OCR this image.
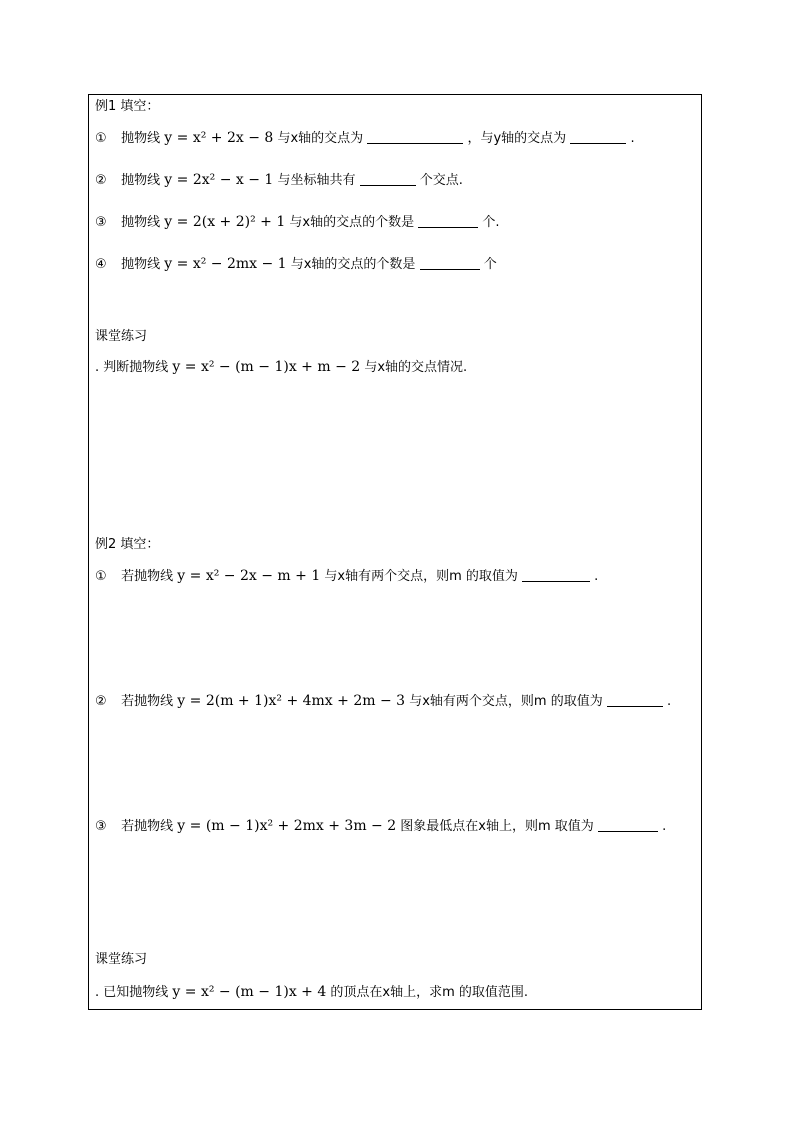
例1 填空：
① 抛物线 y = x² + 2x − 8 与x轴的交点为	，与y轴的交点为	.
② 抛物线 y = 2x² − x − 1 与坐标轴共有	个交点.
③ 抛物线 y = 2(x + 2)² + 1 与x轴的交点的个数是	个.
④ 抛物线 y = x² − 2mx − 1 与x轴的交点的个数是	个
课堂练习
. 判断抛物线 y = x² − (m − 1)x + m − 2 与x轴的交点情况.
例2 填空：
① 若抛物线 y = x² − 2x − m + 1 与x轴有两个交点，则m 的取值为	.
② 若抛物线 y = 2(m + 1)x² + 4mx + 2m − 3 与x轴有两个交点，则m 的取值为	.
③ 若抛物线 y = (m − 1)x² + 2mx + 3m − 2 图象最低点在x轴上，则m 取值为	.
课堂练习
. 已知抛物线 y = x² − (m − 1)x + 4 的顶点在x轴上，求m 的取值范围.
